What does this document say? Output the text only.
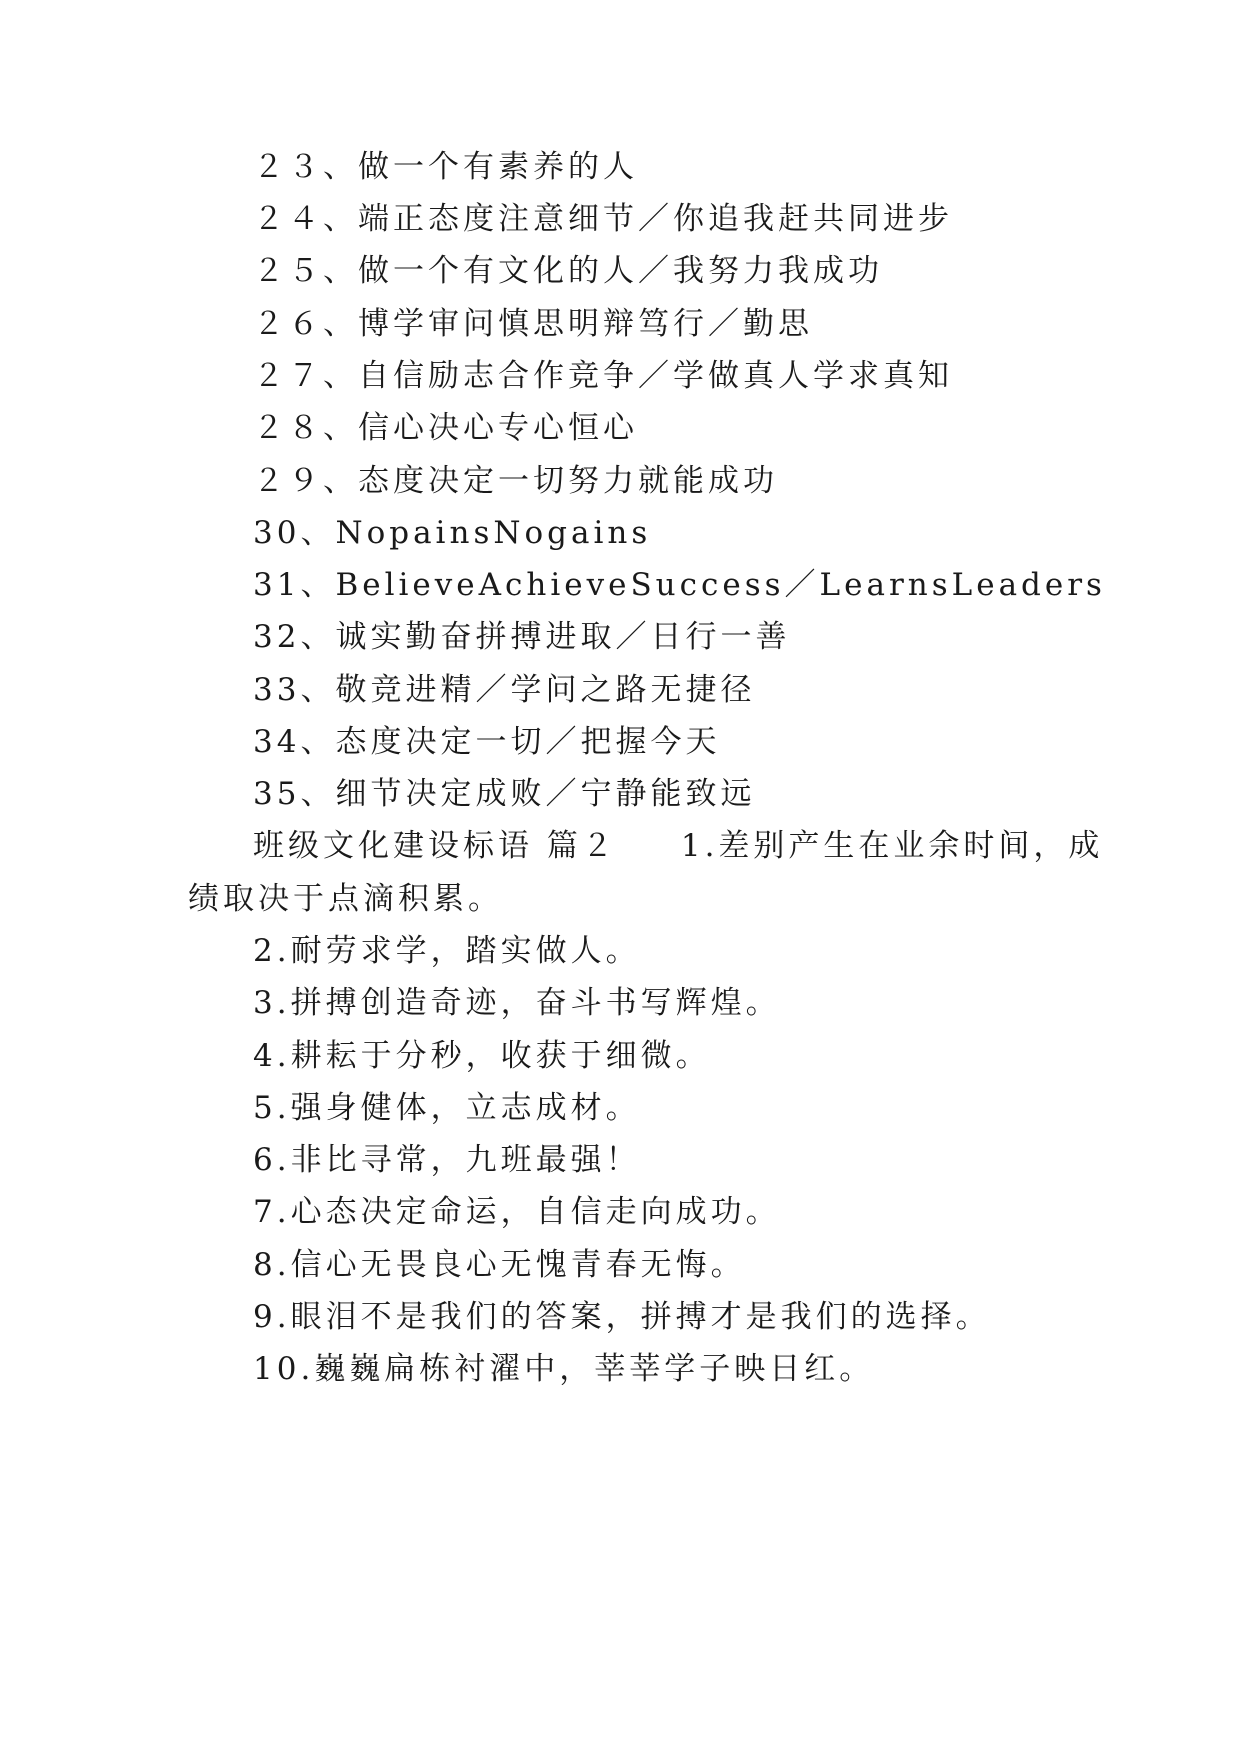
２３、做一个有素养的人
２４、端正态度注意细节／你追我赶共同进步
２５、做一个有文化的人／我努力我成功
２６、博学审问慎思明辩笃行／勤思
２７、自信励志合作竞争／学做真人学求真知
２８、信心决心专心恒心
２９、态度决定一切努力就能成功
30、NopainsNogains
31、BelieveAchieveSuccess／LearnsLeaders
32、诚实勤奋拼搏进取／日行一善
33、敬竞进精／学问之路无捷径
34、态度决定一切／把握今天
35、细节决定成败／宁静能致远
班级文化建设标语 篇２ 1.差别产生在业余时间，成
绩取决于点滴积累。
2.耐劳求学，踏实做人。
3.拼搏创造奇迹，奋斗书写辉煌。
4.耕耘于分秒，收获于细微。
5.强身健体，立志成材。
6.非比寻常，九班最强！
7.心态决定命运，自信走向成功。
8.信心无畏良心无愧青春无悔。
9.眼泪不是我们的答案，拼搏才是我们的选择。
10.巍巍扁栋衬濯中，莘莘学子映日红。
